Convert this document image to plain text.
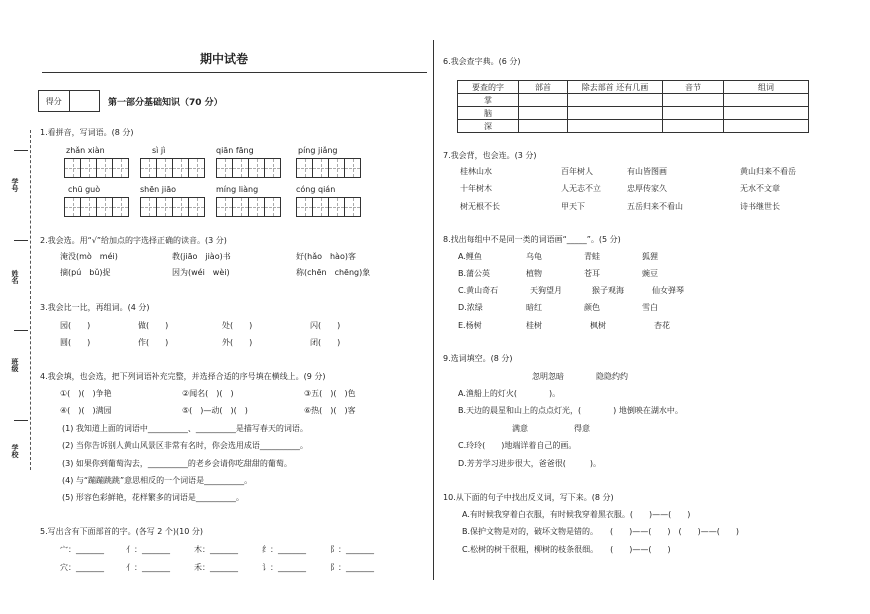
学号
姓名
班级
学校
期中试卷
得分	第一部分基础知识（70 分）
1.看拼音，写词语。(8 分)
zhǎn xiàn	sì jì	qiān fāng	píng jiǎng
chū guò	shēn jiāo	míng liàng	cóng qián
2.我会选。用“√”给加点的字选择正确的读音。(3 分)
淹没(mò　méi)	教(jiāo　jiào)书	好(hǎo　hào)客
摘(pú　bǔ)捉	因为(wéi　wèi)	称(chēn　chēng)象
3.我会比一比，再组词。(4 分)
园(　　)	做(　　)	处(　　)	闪(　　)
圆(　　)	作(　　)	外(　　)	闭(　　)
4.我会填，也会选，把下列词语补充完整，并选择合适的序号填在横线上。(9 分)
①(　)(　)争艳	②闻名(　)(　)	③五(　)(　)色
④(　)(　)满园	⑤(　)—动(　)(　)	⑥热(　)(　)客
(1) 我知道上面的词语中__________、__________是描写春天的词语。
(2) 当你告诉别人黄山风景区非常有名时，你会选用成语__________。
(3) 如果你到葡萄沟去，__________的老乡会请你吃甜甜的葡萄。
(4) 与“蹦蹦跳跳”意思相反的一个词语是__________。
(5) 形容色彩鲜艳，花样繁多的词语是__________。
5.写出含有下面部首的字。(各写 2 个)(10 分)
宀：_______	亻：_______	木：_______	纟：_______	阝：_______
穴：_______	亻：_______	禾：_______	讠：_______	阝：_______
6.我会查字典。(6 分)
要查的字	部首	除去部首 还有几画	音节	组词
掌				
脑				
深				
7.我会背，也会连。(3 分)
桂林山水	百年树人	有山皆图画	黄山归来不看岳
十年树木	人无志不立	忠厚传家久	无水不文章
树无根不长	甲天下	五岳归来不看山	诗书继世长
8.找出每组中不是同一类的词语画“_____”。(5 分)
A.鲤鱼	乌龟	青蛙	狐狸
B.蒲公英	植物	苍耳	豌豆
C.黄山奇石	天狗望月	猴子观海	仙女弹琴
D.浓绿	暗红	颜色	雪白
E.杨树	桂树	枫树	杏花
9.选词填空。(8 分)
忽明忽暗	隐隐约约
A.渔船上的灯火(　　　　)。
B.天边的晨星和山上的点点灯光，(　　　　) 地倒映在湖水中。
满意	得意
C.玲玲(　　)地端详着自己的画。
D.芳芳学习进步很大，爸爸很(　　　)。
10.从下面的句子中找出反义词，写下来。(8 分)
A.有时候我穿着白衣服，有时候我穿着黑衣服。(　　)——(　　)
B.保护文物是对的，破坏文物是错的。　　(　　)——(　　)　(　　)——(　　)
C.松树的树干很粗，柳树的枝条很细。　　(　　)——(　　)
